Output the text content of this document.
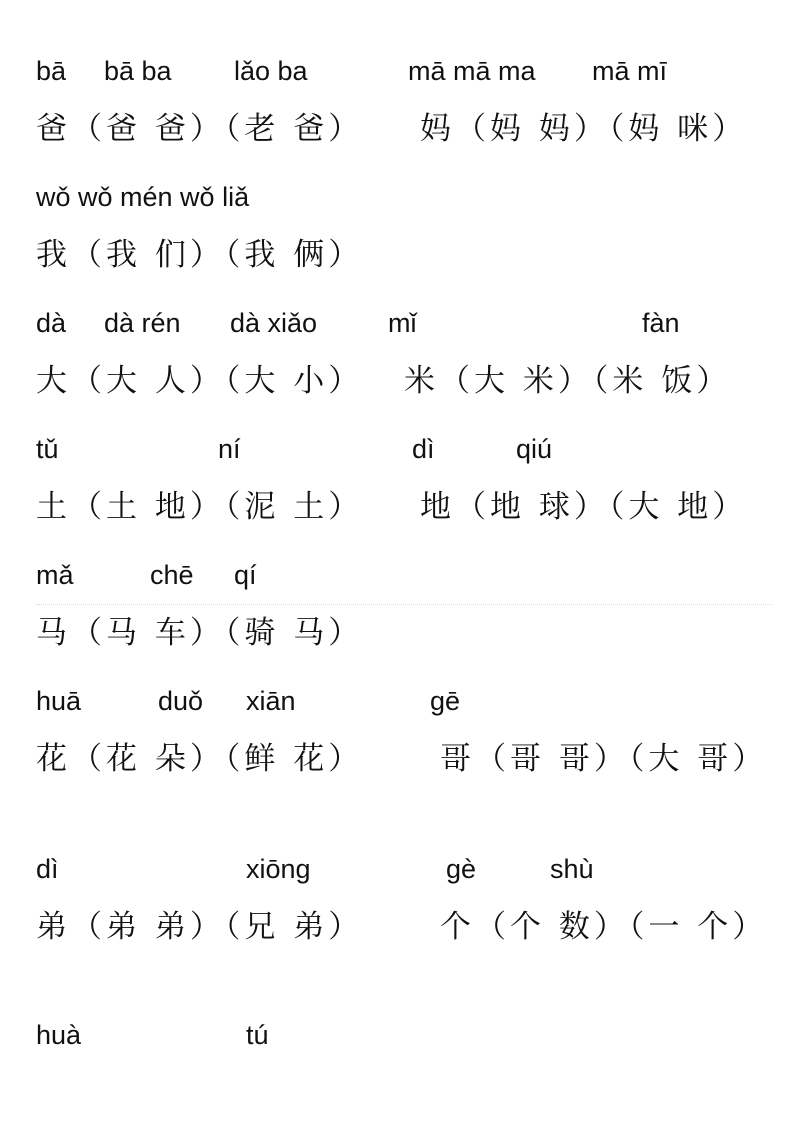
bā bā ba lǎo ba	mā mā ma mā mī
爸（爸 爸）（老 爸） 妈（妈 妈）（妈 咪）
wǒ wǒ mén wǒ liǎ
我（我 们）（我 俩）
dà dà rén dà xiǎo	mǐ	fàn
大（大 人）（大 小） 米（大 米）（米 饭）
tǔ	ní	dì	qiú
土（土 地）（泥 土） 地（地 球）（大 地）
mǎ	chē qí
马（马 车）（骑 马）
huā	duǒ xiān	gē
花（花 朵）（鲜 花） 哥（哥 哥）（大 哥）
dì	xiōng	gè	shù
弟（弟 弟）（兄 弟） 个（个 数）（一 个）
huà	tú
